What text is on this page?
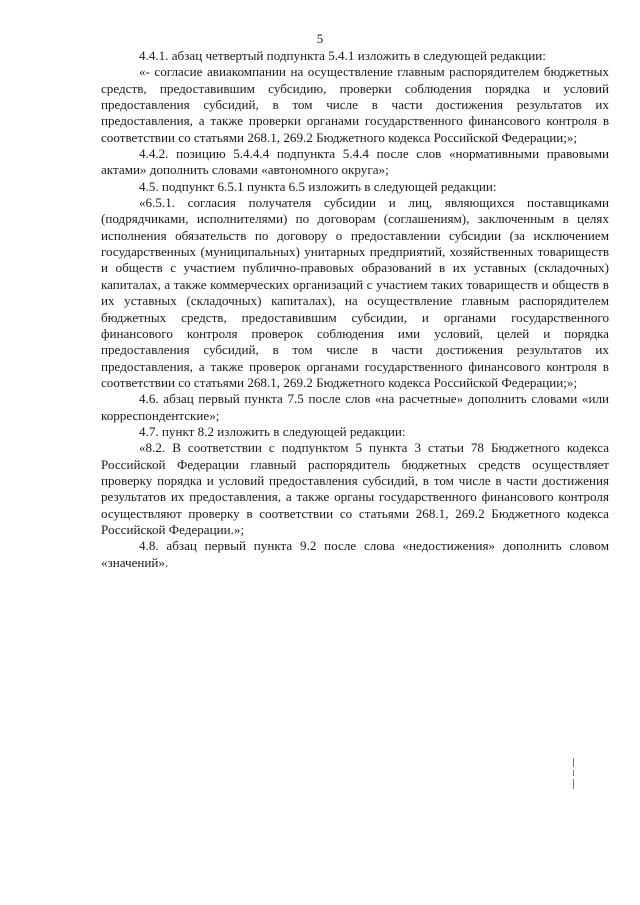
5

4.4.1. абзац четвертый подпункта 5.4.1 изложить в следующей редакции:

«- согласие авиакомпании на осуществление главным распорядителем бюджетных средств, предоставившим субсидию, проверки соблюдения порядка и условий предоставления субсидий, в том числе в части достижения результатов их предоставления, а также проверки органами государственного финансового контроля в соответствии со статьями 268.1, 269.2 Бюджетного кодекса Российской Федерации;»;

4.4.2. позицию 5.4.4.4 подпункта 5.4.4 после слов «нормативными правовыми актами» дополнить словами «автономного округа»;

4.5. подпункт 6.5.1 пункта 6.5 изложить в следующей редакции:

«6.5.1. согласия получателя субсидии и лиц, являющихся поставщиками (подрядчиками, исполнителями) по договорам (соглашениям), заключенным в целях исполнения обязательств по договору о предоставлении субсидии (за исключением государственных (муниципальных) унитарных предприятий, хозяйственных товариществ и обществ с участием публично-правовых образований в их уставных (складочных) капиталах, а также коммерческих организаций с участием таких товариществ и обществ в их уставных (складочных) капиталах), на осуществление главным распорядителем бюджетных средств, предоставившим субсидии, и органами государственного финансового контроля проверок соблюдения ими условий, целей и порядка предоставления субсидий, в том числе в части достижения результатов их предоставления, а также проверок органами государственного финансового контроля в соответствии со статьями 268.1, 269.2 Бюджетного кодекса Российской Федерации;»;

4.6. абзац первый пункта 7.5 после слов «на расчетные» дополнить словами «или корреспондентские»;

4.7. пункт 8.2 изложить в следующей редакции:

«8.2. В соответствии с подпунктом 5 пункта 3 статьи 78 Бюджетного кодекса Российской Федерации главный распорядитель бюджетных средств осуществляет проверку порядка и условий предоставления субсидий, в том числе в части достижения результатов их предоставления, а также органы государственного финансового контроля осуществляют проверку в соответствии со статьями 268.1, 269.2 Бюджетного кодекса Российской Федерации.»;

4.8. абзац первый пункта 9.2 после слова «недостижения» дополнить словом «значений».
